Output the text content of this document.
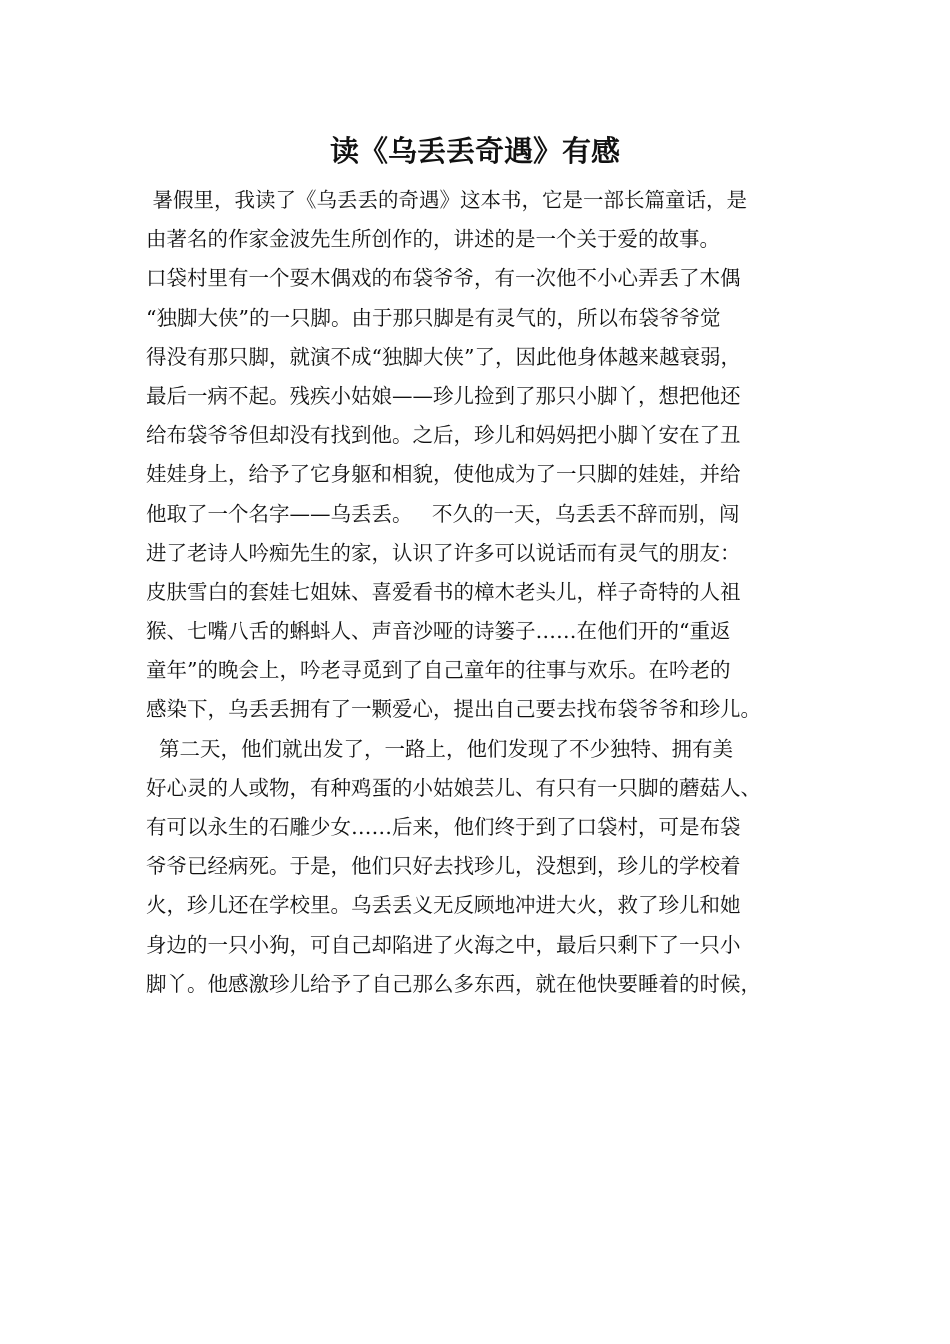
读《乌丢丢奇遇》有感
暑假里，我读了《乌丢丢的奇遇》这本书，它是一部长篇童话，是
由著名的作家金波先生所创作的，讲述的是一个关于爱的故事。
口袋村里有一个耍木偶戏的布袋爷爷，有一次他不小心弄丢了木偶
“独脚大侠”的一只脚。由于那只脚是有灵气的，所以布袋爷爷觉
得没有那只脚，就演不成“独脚大侠”了，因此他身体越来越衰弱，
最后一病不起。残疾小姑娘——珍儿捡到了那只小脚丫，想把他还
给布袋爷爷但却没有找到他。之后，珍儿和妈妈把小脚丫安在了丑
娃娃身上，给予了它身躯和相貌，使他成为了一只脚的娃娃，并给
他取了一个名字——乌丢丢。   不久的一天，乌丢丢不辞而别，闯
进了老诗人吟痴先生的家，认识了许多可以说话而有灵气的朋友：
皮肤雪白的套娃七姐妹、喜爱看书的樟木老头儿，样子奇特的人祖
猴、七嘴八舌的蝌蚪人、声音沙哑的诗篓子……在他们开的“重返
童年”的晚会上，吟老寻觅到了自己童年的往事与欢乐。在吟老的
感染下，乌丢丢拥有了一颗爱心，提出自己要去找布袋爷爷和珍儿。
第二天，他们就出发了，一路上，他们发现了不少独特、拥有美
好心灵的人或物，有种鸡蛋的小姑娘芸儿、有只有一只脚的蘑菇人、
有可以永生的石雕少女……后来，他们终于到了口袋村，可是布袋
爷爷已经病死。于是，他们只好去找珍儿，没想到，珍儿的学校着
火，珍儿还在学校里。乌丢丢义无反顾地冲进大火，救了珍儿和她
身边的一只小狗，可自己却陷进了火海之中，最后只剩下了一只小
脚丫。他感激珍儿给予了自己那么多东西，就在他快要睡着的时候，
